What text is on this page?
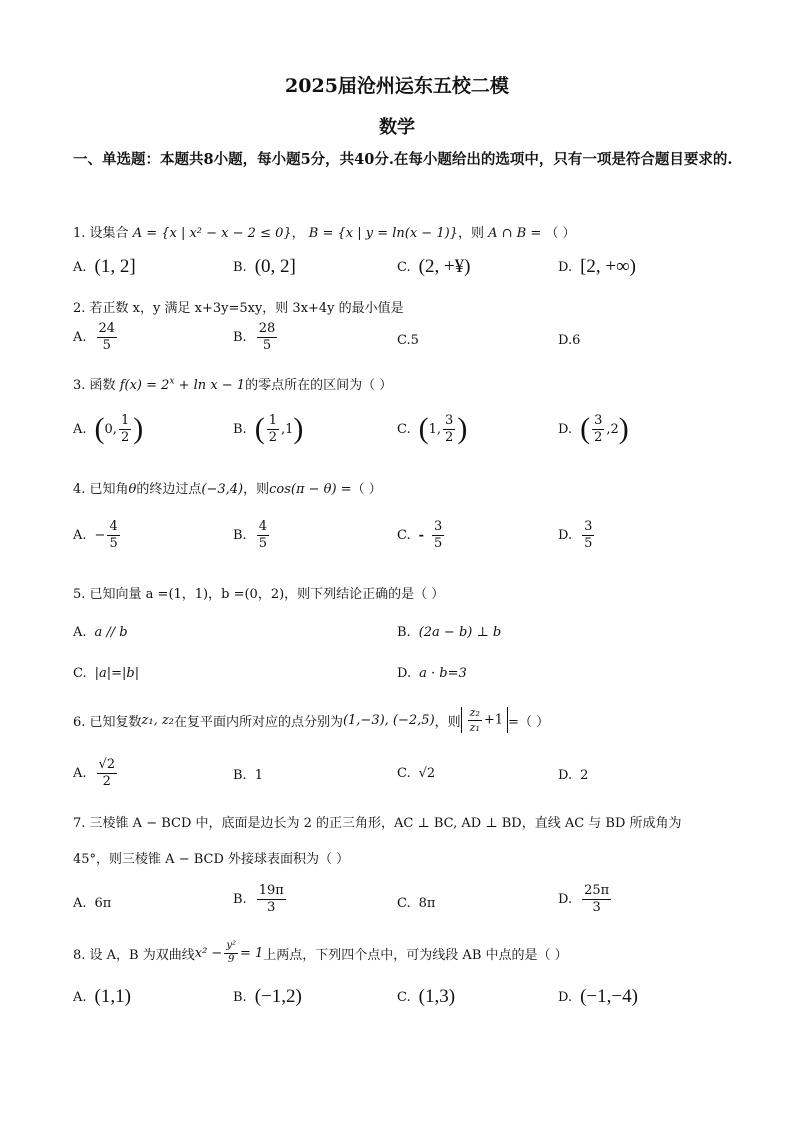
2025届沧州运东五校二模
数学
一、单选题：本题共8小题，每小题5分，共40分.在每小题给出的选项中，只有一项是符合题目要求的.
1. 设集合 A = {x | x² − x − 2 ≤ 0}， B = {x | y = ln(x − 1)}，则 A ∩ B = （ ）
A. (1, 2]	B. (0, 2]	C. (2, +¥)	D. [2, +∞)
2. 若正数 x，y 满足 x+3y=5xy，则 3x+4y 的最小值是
A. $\frac{24}{5}$	B. $\frac{28}{5}$	C. 5	D. 6
3. 函数 $f(x) = 2^x + \ln x - 1$的零点所在的区间为（ ）
A. ( 0, $\frac{1}{2}$ )	B. ( $\frac{1}{2} ,1$ )	C. ( 1, $\frac{3}{2}$ )	D. ( $\frac{3}{2} ,2$ )
4. 已知角θ的终边过点(−3,4)，则cos(π − θ) =（ ）
A. − $\frac{4}{5}$	B. $\frac{4}{5}$	C. - $\frac{3}{5}$	D. $\frac{3}{5}$
5. 已知向量 a =(1，1)，b =(0，2)，则下列结论正确的是（ ）
A. a // b	B. (2a − b) ⊥ b
C. |a|=|b|	D. a · b=3
6. 已知复数 z₁, z₂ 在复平面内所对应的点分别为 (1,−3), (−2,5) ，则 $\frac{\text{z₂}}{\text{z₁}} +1$ =（ ）
A. $\frac{√2}{2}$	B. 1	C. √2	D. 2
7. 三棱锥 A − BCD 中，底面是边长为 2 的正三角形，AC ⊥ BC, AD ⊥ BD，直线 AC 与 BD 所成角为
45°，则三棱锥 A − BCD 外接球表面积为（ ）
A. 6π	B. $\frac{19\pi}{3}$	C. 8π	D. $\frac{25\pi}{3}$
8. 设 A，B 为双曲线 $x^2 - \frac{\text{y²}}{9} = 1$ 上两点，下列四个点中，可为线段 AB 中点的是（ ）
A. (1,1)	B. (−1,2)	C. (1,3)	D. (−1,−4)
